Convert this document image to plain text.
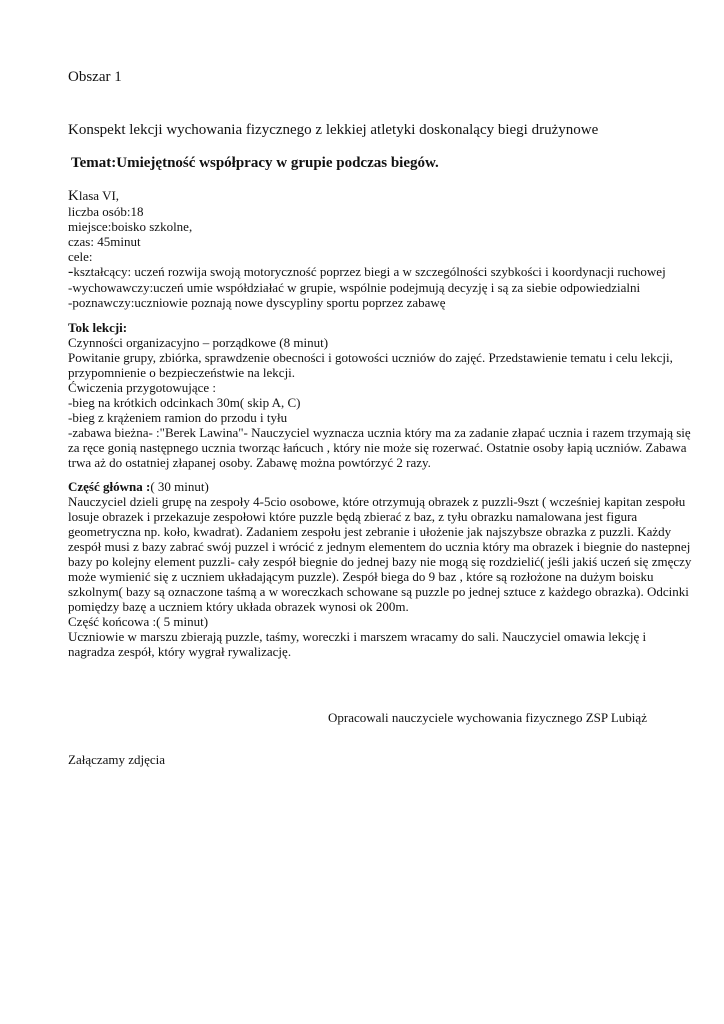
Obszar 1
Konspekt lekcji wychowania fizycznego z lekkiej atletyki doskonalący biegi drużynowe
Temat:Umiejętność współpracy w grupie podczas biegów.
Klasa VI,
liczba osób:18
miejsce:boisko szkolne,
czas: 45minut
cele:
-kształcący: uczeń rozwija swoją motoryczność poprzez biegi a w szczególności szybkości i koordynacji ruchowej
-wychowawczy:uczeń umie współdziałać w grupie, wspólnie podejmują decyzję i są za siebie odpowiedzialni
-poznawczy:uczniowie poznają nowe dyscypliny sportu poprzez zabawę
Tok lekcji:
Czynności organizacyjno – porządkowe (8 minut)
Powitanie grupy, zbiórka, sprawdzenie obecności i gotowości uczniów do zajęć. Przedstawienie tematu i celu lekcji,
przypomnienie o bezpieczeństwie na lekcji.
Ćwiczenia przygotowujące :
-bieg na krótkich odcinkach 30m( skip A, C)
-bieg z krążeniem ramion do przodu i tyłu
-zabawa bieżna- :"Berek Lawina"- Nauczyciel wyznacza ucznia który ma za zadanie złapać ucznia i razem trzymają się
za ręce gonią następnego ucznia tworząc łańcuch , który nie może się rozerwać. Ostatnie osoby łapią uczniów. Zabawa
trwa aż do ostatniej złapanej osoby. Zabawę można powtórzyć 2 razy.
Część główna :( 30 minut)
Nauczyciel dzieli grupę na zespoły 4-5cio osobowe, które otrzymują obrazek z puzzli-9szt ( wcześniej kapitan zespołu
losuje obrazek i przekazuje zespołowi które puzzle będą zbierać z baz, z tyłu obrazku namalowana jest figura
geometryczna np. koło, kwadrat). Zadaniem zespołu jest zebranie i ułożenie jak najszybsze obrazka z puzzli. Każdy
zespół musi z bazy zabrać swój puzzel i wrócić z jednym elementem do ucznia który ma obrazek i biegnie do nastepnej
bazy po kolejny element puzzli- cały zespół biegnie do jednej bazy nie mogą się rozdzielić( jeśli jakiś uczeń się zmęczy
może wymienić się z uczniem układającym puzzle). Zespół biega do 9 baz , które są rozłożone na dużym boisku
szkolnym( bazy są oznaczone taśmą a w woreczkach schowane są puzzle po jednej sztuce z każdego obrazka). Odcinki
pomiędzy bazę a uczniem który układa obrazek wynosi ok 200m.
Część końcowa :( 5 minut)
Uczniowie w marszu zbierają puzzle, taśmy, woreczki i marszem wracamy do sali. Nauczyciel omawia lekcję i
nagradza zespół, który wygrał rywalizację.
Opracowali nauczyciele wychowania fizycznego ZSP Lubiąż
Załączamy zdjęcia
